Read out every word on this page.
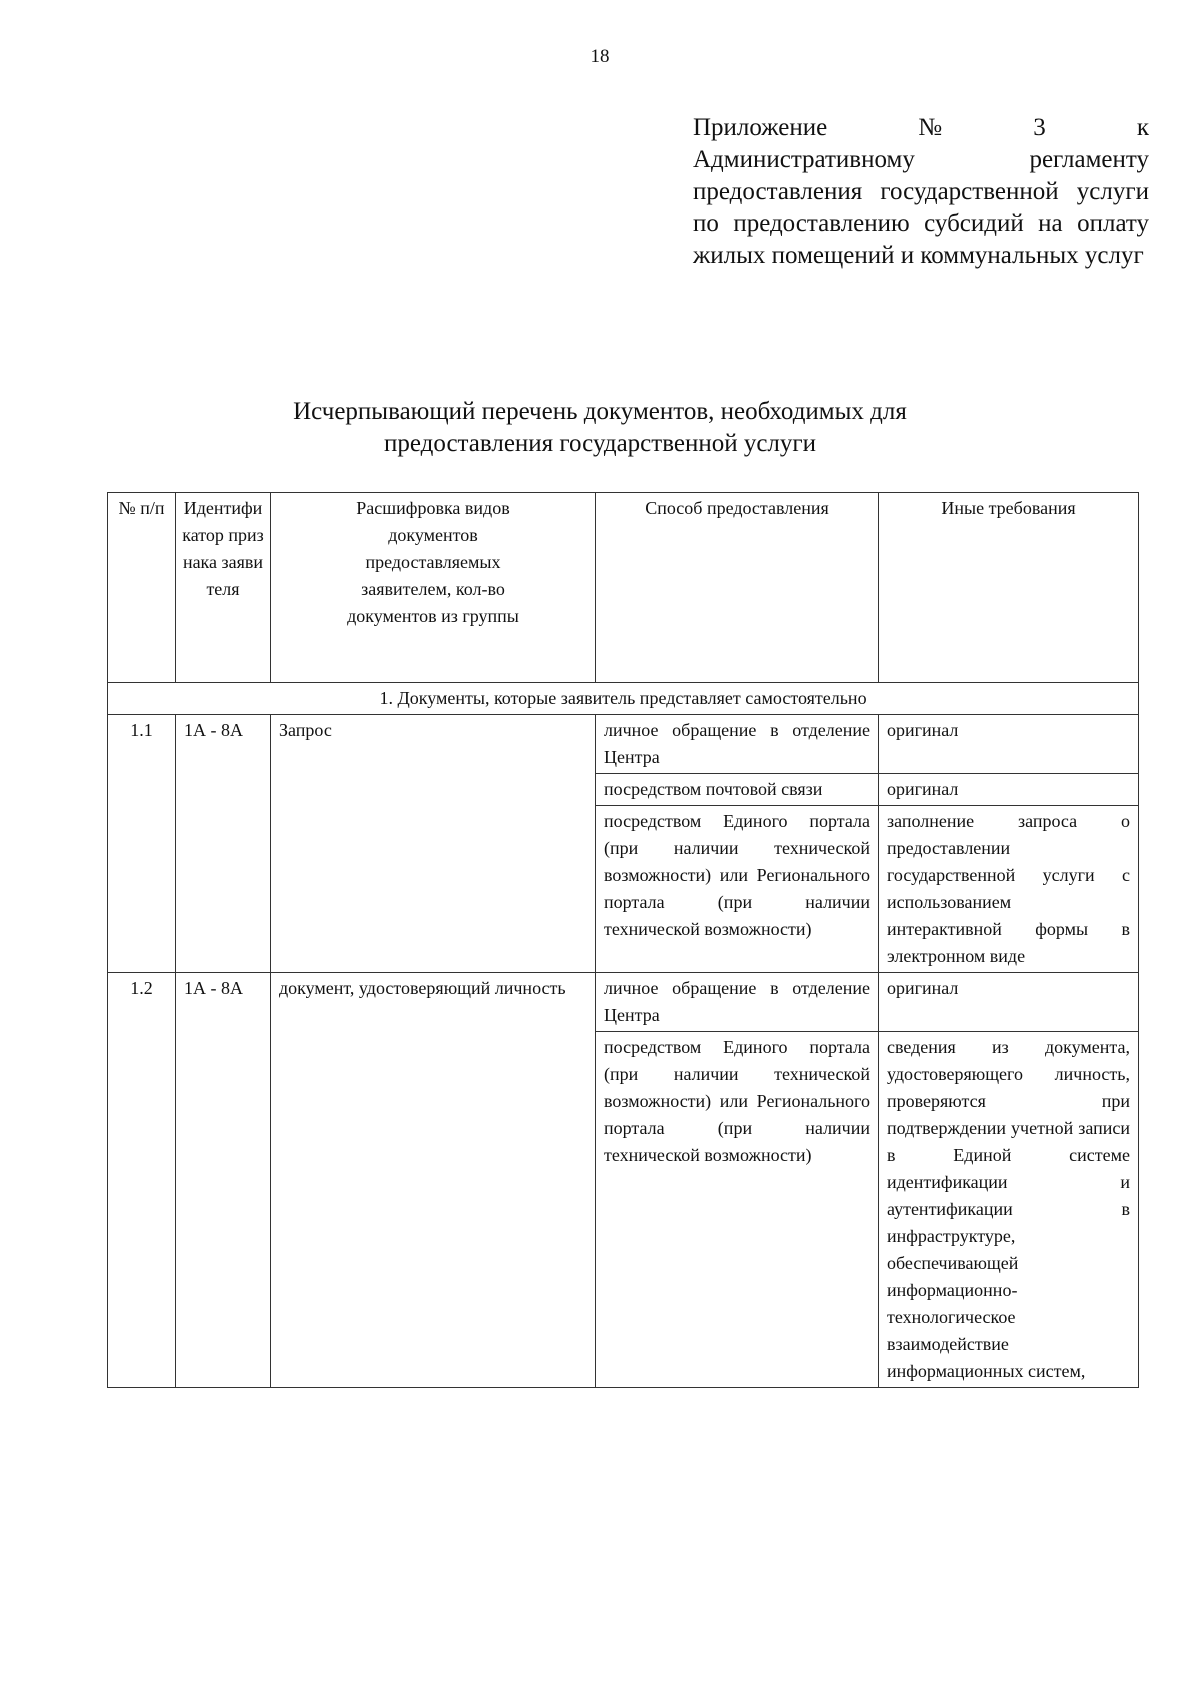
18
Приложение	№	3	к
Административному регламенту предоставления государственной услуги по предоставлению субсидий на оплату жилых помещений и коммунальных услуг
Исчерпывающий перечень документов, необходимых для
предоставления государственной услуги
№ п/п	Идентификатор признака заявителя	Расшифровка видов документов предоставляемых заявителем, кол-во документов из группы	Способ предоставления	Иные требования
1. Документы, которые заявитель представляет самостоятельно				
1.1	1А - 8А	Запрос	личное обращение в отделение Центра	оригинал
			посредством почтовой связи	оригинал
			посредством Единого портала (при наличии технической возможности) или Регионального портала (при наличии технической возможности)	заполнение запроса о предоставлении государственной услуги с использованием интерактивной формы в электронном виде
1.2	1А - 8А	документ, удостоверяющий личность	личное обращение в отделение Центра	оригинал
			посредством Единого портала (при наличии технической возможности) или Регионального портала (при наличии технической возможности)	сведения из документа, удостоверяющего личность, проверяются при подтверждении учетной записи в Единой системе идентификации и аутентификации в инфраструктуре, обеспечивающей информационно-технологическое взаимодействие информационных систем,
